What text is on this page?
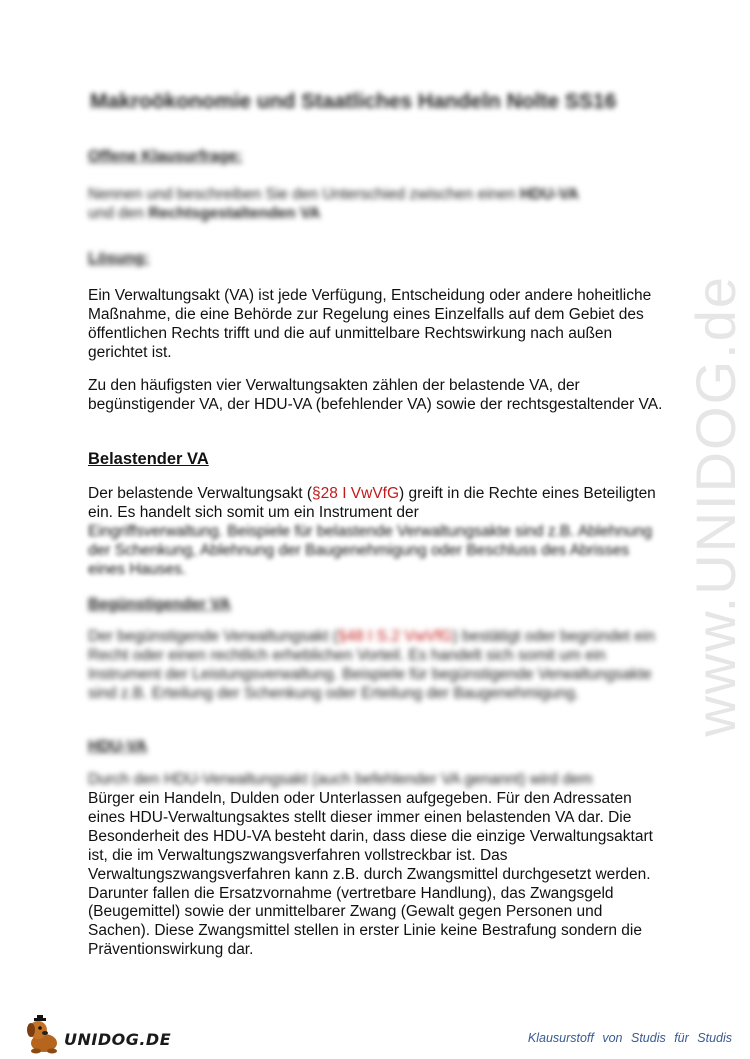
www.UNIDOG.de
Makroökonomie und Staatliches Handeln Nolte SS16

Offene Klausurfrage:

Nennen und beschreiben Sie den Unterschied zwischen einen HDU-VA
und den Rechtsgestaltenden VA

Lösung:

Ein Verwaltungsakt (VA) ist jede Verfügung, Entscheidung oder andere hoheitliche Maßnahme, die eine Behörde zur Regelung eines Einzelfalls auf dem Gebiet des öffentlichen Rechts trifft und die auf unmittelbare Rechtswirkung nach außen gerichtet ist.

Zu den häufigsten vier Verwaltungsakten zählen der belastende VA, der begünstigender VA, der HDU-VA (befehlender VA) sowie der rechtsgestaltender VA.

Belastender VA

Der belastende Verwaltungsakt (§28 I VwVfG) greift in die Rechte eines Beteiligten ein. Es handelt sich somit um ein Instrument der

Eingriffsverwaltung. Beispiele für belastende Verwaltungsakte sind z.B. Ablehnung der Schenkung, Ablehnung der Baugenehmigung oder Beschluss des Abrisses eines Hauses.

Begünstigender VA

Der begünstigende Verwaltungsakt (§48 I S.2 VwVfG) bestätigt oder begründet ein Recht oder einen rechtlich erheblichen Vorteil. Es handelt sich somit um ein Instrument der Leistungsverwaltung. Beispiele für begünstigende Verwaltungsakte sind z.B. Erteilung der Schenkung oder Erteilung der Baugenehmigung.

HDU-VA

Durch den HDU-Verwaltungsakt (auch befehlender VA genannt) wird dem

Bürger ein Handeln, Dulden oder Unterlassen aufgegeben. Für den Adressaten eines HDU-Verwaltungsaktes stellt dieser immer einen belastenden VA dar. Die Besonderheit des HDU-VA besteht darin, dass diese die einzige Verwaltungsaktart ist, die im Verwaltungszwangsverfahren vollstreckbar ist. Das Verwaltungszwangsverfahren kann z.B. durch Zwangsmittel durchgesetzt werden. Darunter fallen die Ersatzvornahme (vertretbare Handlung), das Zwangsgeld (Beugemittel) sowie der unmittelbarer Zwang (Gewalt gegen Personen und Sachen). Diese Zwangsmittel stellen in erster Linie keine Bestrafung sondern die Präventionswirkung dar.

UNIDOG.DE	Klausurstoff von Studis für Studis
